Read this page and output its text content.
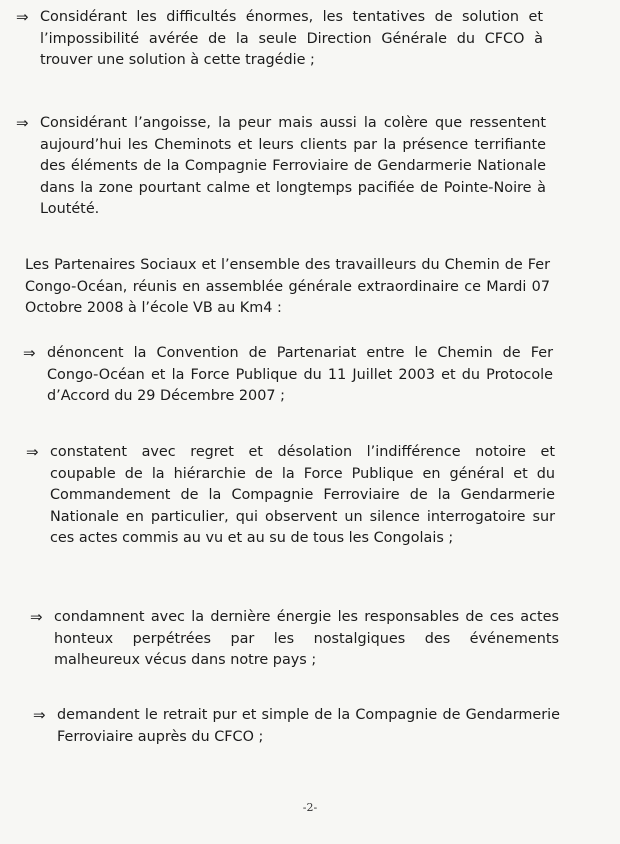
⇒ Considérant les difficultés énormes, les tentatives de solution et l’impossibilité avérée de la seule Direction Générale du CFCO à trouver une solution à cette tragédie ;
⇒ Considérant l’angoisse, la peur mais aussi la colère que ressentent aujourd’hui les Cheminots et leurs clients par la présence terrifiante des éléments de la Compagnie Ferroviaire de Gendarmerie Nationale dans la zone pourtant calme et longtemps pacifiée de Pointe-Noire à Loutété.
Les Partenaires Sociaux et l’ensemble des travailleurs du Chemin de Fer Congo-Océan, réunis en assemblée générale extraordinaire ce Mardi 07 Octobre 2008 à l’école VB au Km4 :
⇒ dénoncent la Convention de Partenariat entre le Chemin de Fer Congo-Océan et la Force Publique du 11 Juillet 2003 et du Protocole d’Accord du 29 Décembre 2007 ;
⇒ constatent avec regret et désolation l’indifférence notoire et coupable de la hiérarchie de la Force Publique en général et du Commandement de la Compagnie Ferroviaire de la Gendarmerie Nationale en particulier, qui observent un silence interrogatoire sur ces actes commis au vu et au su de tous les Congolais ;
⇒ condamnent avec la dernière énergie les responsables de ces actes honteux perpétrées par les nostalgiques des événements malheureux vécus dans notre pays ;
⇒ demandent le retrait pur et simple de la Compagnie de Gendarmerie Ferroviaire auprès du CFCO ;
-2-
